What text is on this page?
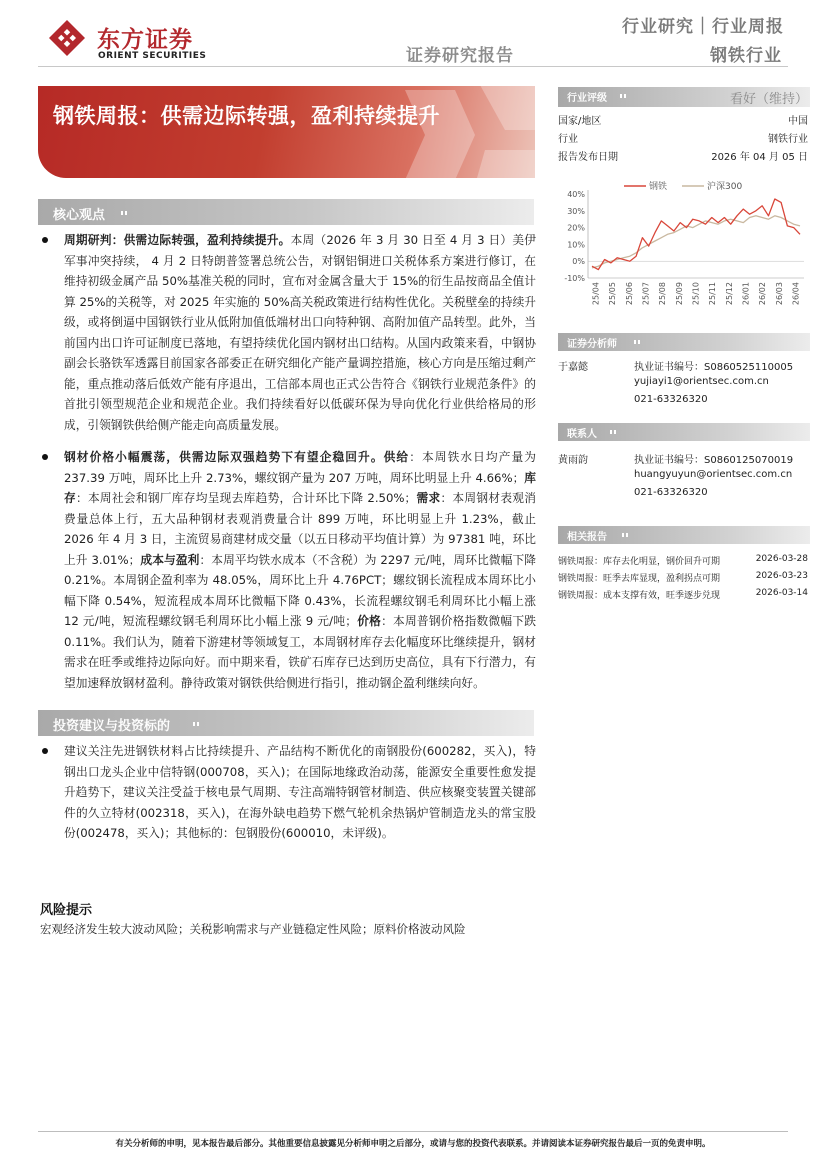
东方证券
ORIENT SECURITIES	证券研究报告
行业研究｜行业周报
钢铁行业
钢铁周报：供需边际转强，盈利持续提升
行业评级	看好（维持）
国家/地区	中国
行业	钢铁行业
报告发布日期	2026 年 04 月 05 日
钢铁	沪深300
40%
30%
20%
10%
0%
-10%
25/04 25/05 25/06 25/07 25/08 25/09 25/10 25/11 25/12 26/01 26/02 26/03 26/04
证券分析师
于嘉懿	执业证书编号：S0860525110005
yujiayi1@orientsec.com.cn
021-63326320
联系人
黄雨韵	执业证书编号：S0860125070019
huangyuyun@orientsec.com.cn
021-63326320
相关报告
钢铁周报：库存去化明显，钢价回升可期	2026-03-28
钢铁周报：旺季去库显现，盈利拐点可期	2026-03-23
钢铁周报：成本支撑有效，旺季逐步兑现	2026-03-14
核心观点
周期研判：供需边际转强，盈利持续提升。本周（2026 年 3 月 30 日至 4 月 3 日）美伊军事冲突持续， 4 月 2 日特朗普签署总统公告，对钢铝铜进口关税体系方案进行修订，在维持初级金属产品 50%基准关税的同时，宣布对金属含量大于 15%的衍生品按商品全值计算 25%的关税等，对 2025 年实施的 50%高关税政策进行结构性优化。关税壁垒的持续升级，或将倒逼中国钢铁行业从低附加值低端材出口向特种钢、高附加值产品转型。此外，当前国内出口许可证制度已落地，有望持续优化国内钢材出口结构。从国内政策来看，中钢协副会长骆铁军透露目前国家各部委正在研究细化产能产量调控措施，核心方向是压缩过剩产能，重点推动落后低效产能有序退出，工信部本周也正式公告符合《钢铁行业规范条件》的首批引领型规范企业和规范企业。我们持续看好以低碳环保为导向优化行业供给格局的形成，引领钢铁供给侧产能走向高质量发展。
钢材价格小幅震荡，供需边际双强趋势下有望企稳回升。供给：本周铁水日均产量为 237.39 万吨，周环比上升 2.73%，螺纹钢产量为 207 万吨，周环比明显上升 4.66%；库存：本周社会和钢厂库存均呈现去库趋势，合计环比下降 2.50%；需求：本周钢材表观消费量总体上行，五大品种钢材表观消费量合计 899 万吨，环比明显上升 1.23%，截止 2026 年 4 月 3 日，主流贸易商建材成交量（以五日移动平均值计算）为 97381 吨，环比上升 3.01%；成本与盈利：本周平均铁水成本（不含税）为 2297 元/吨，周环比微幅下降 0.21%。本周钢企盈利率为 48.05%，周环比上升 4.76PCT；螺纹钢长流程成本周环比小幅下降 0.54%，短流程成本周环比微幅下降 0.43%，长流程螺纹钢毛利周环比小幅上涨 12 元/吨，短流程螺纹钢毛利周环比小幅上涨 9 元/吨；价格：本周普钢价格指数微幅下跌 0.11%。我们认为，随着下游建材等领域复工，本周钢材库存去化幅度环比继续提升，钢材需求在旺季或维持边际向好。而中期来看，铁矿石库存已达到历史高位，具有下行潜力，有望加速释放钢材盈利。静待政策对钢铁供给侧进行指引，推动钢企盈利继续向好。
投资建议与投资标的
建议关注先进钢铁材料占比持续提升、产品结构不断优化的南钢股份(600282，买入)，特钢出口龙头企业中信特钢(000708，买入)；在国际地缘政治动荡，能源安全重要性愈发提升趋势下，建议关注受益于核电景气周期、专注高端特钢管材制造、供应核聚变装置关键部件的久立特材(002318，买入)，在海外缺电趋势下燃气轮机余热锅炉管制造龙头的常宝股份(002478，买入)；其他标的：包钢股份(600010，未评级)。
风险提示
宏观经济发生较大波动风险；关税影响需求与产业链稳定性风险；原料价格波动风险
有关分析师的申明，见本报告最后部分。其他重要信息披露见分析师申明之后部分，或请与您的投资代表联系。并请阅读本证券研究报告最后一页的免责申明。
